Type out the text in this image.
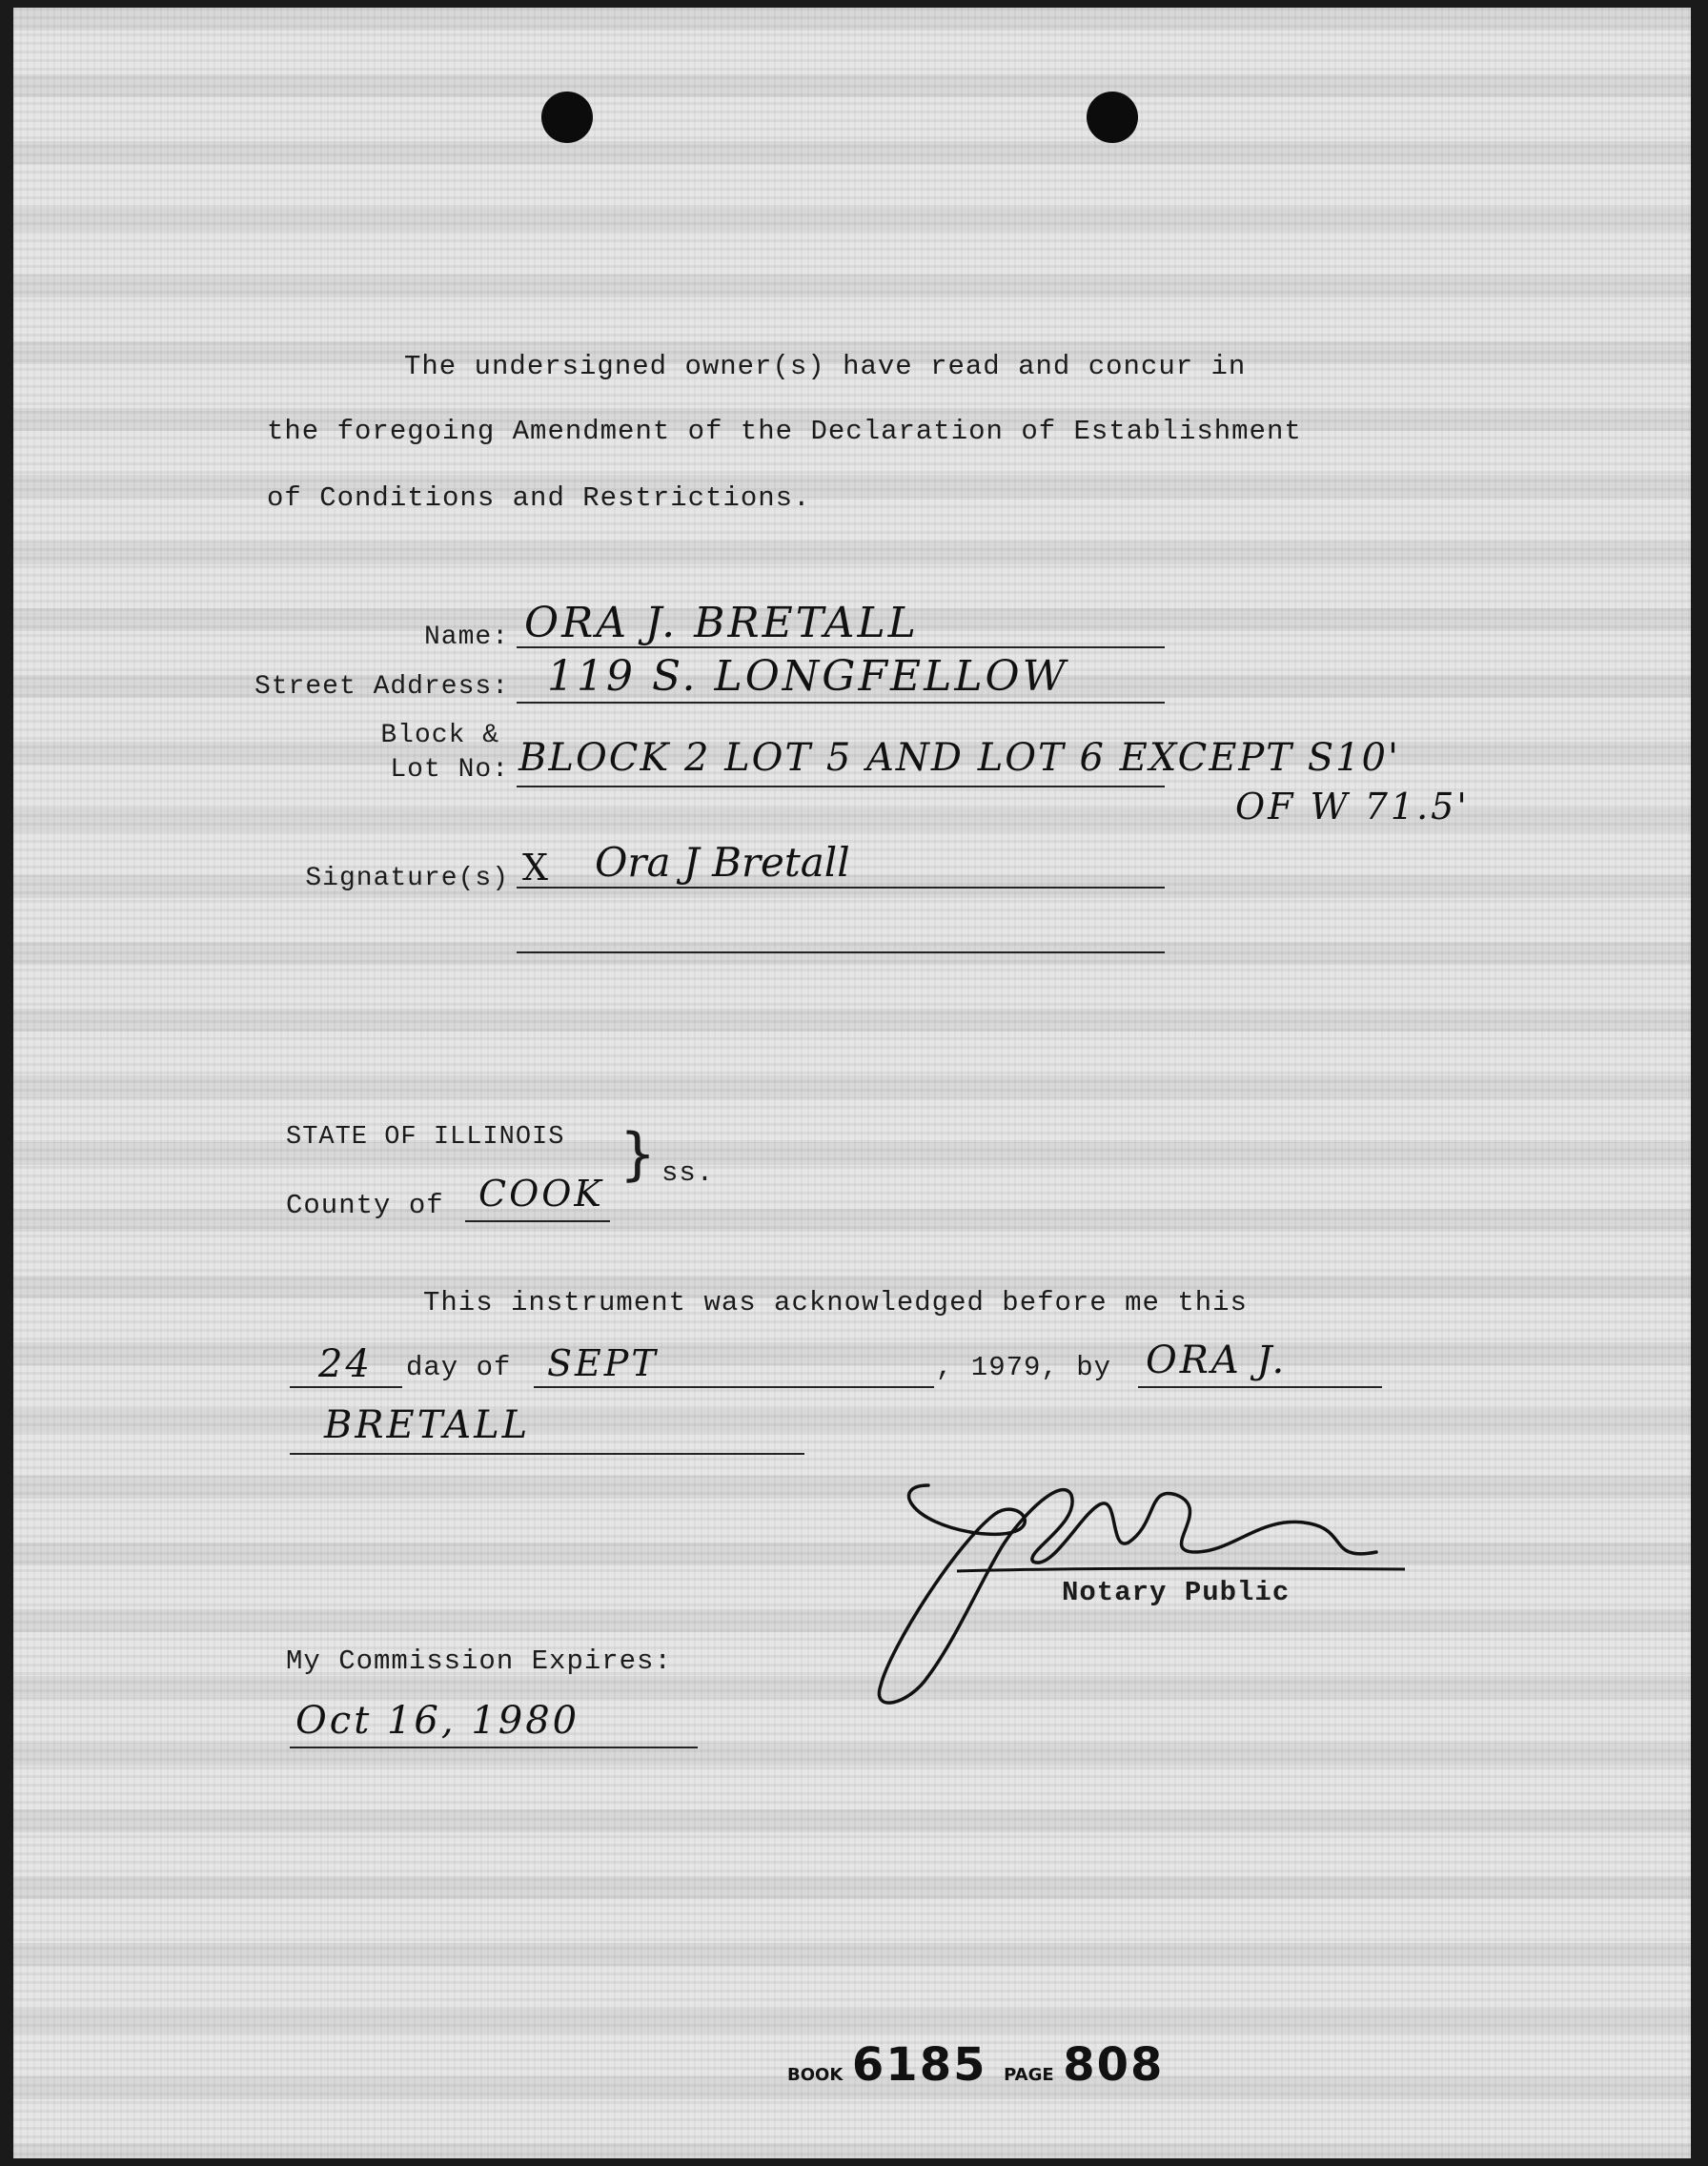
The undersigned owner(s) have read and concur in
the foregoing Amendment of the Declaration of Establishment
of Conditions and Restrictions.
Name: ORA J. BRETALL
Street Address: 119 S. LONGFELLOW
Block &
Lot No: BLOCK 2 LOT 5 AND LOT 6 EXCEPT S10'
OF W 71.5'
Signature(s) X Ora J Bretall
STATE OF ILLINOIS
County of COOK
} ss.
This instrument was acknowledged before me this
24 day of SEPT	, 1979, by ORA J.
BRETALL
Notary Public
My Commission Expires:
Oct 16, 1980
BOOK 6185 PAGE 808
